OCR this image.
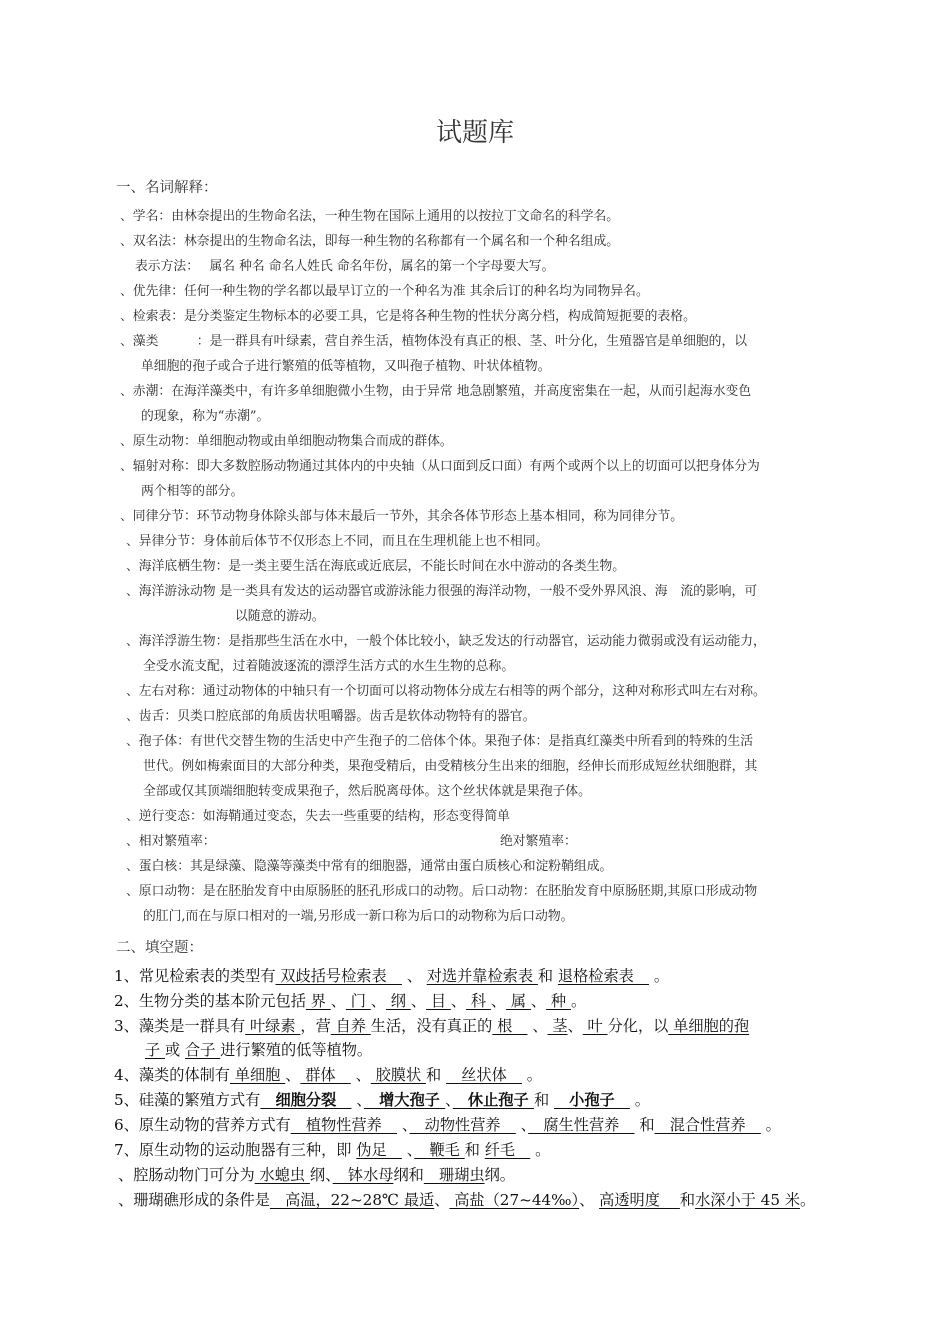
试题库
一、名词解释：
、学名：由林奈提出的生物命名法，一种生物在国际上通用的以按拉丁文命名的科学名。
、双名法：林奈提出的生物命名法，即每一种生物的名称都有一个属名和一个种名组成。
表示方法：　 属名 种名 命名人姓氏 命名年份，属名的第一个字母要大写。
、优先律：任何一种生物的学名都以最早订立的一个种名为准 其余后订的种名均为同物异名。
、检索表：是分类鉴定生物标本的必要工具，它是将各种生物的性状分离分档，构成简短扼要的表格。
、藻类　　　：是一群具有叶绿素，营自养生活，植物体没有真正的根、茎、叶分化，生殖器官是单细胞的，以
单细胞的孢子或合子进行繁殖的低等植物，又叫孢子植物、叶状体植物。
、赤潮：在海洋藻类中，有许多单细胞微小生物，由于异常 地急剧繁殖，并高度密集在一起，从而引起海水变色
的现象，称为“赤潮”。
、原生动物：单细胞动物或由单细胞动物集合而成的群体。
、辐射对称：即大多数腔肠动物通过其体内的中央轴（从口面到反口面）有两个或两个以上的切面可以把身体分为
两个相等的部分。
、同律分节：环节动物身体除头部与体末最后一节外，其余各体节形态上基本相同，称为同律分节。
、异律分节：身体前后体节不仅形态上不同，而且在生理机能上也不相同。
、海洋底栖生物：是一类主要生活在海底或近底层，不能长时间在水中游动的各类生物。
、海洋游泳动物 是一类具有发达的运动器官或游泳能力很强的海洋动物，一般不受外界风浪、海　流的影响，可
以随意的游动。
、海洋浮游生物：是指那些生活在水中，一般个体比较小，缺乏发达的行动器官，运动能力微弱或没有运动能力，
全受水流支配，过着随波逐流的漂浮生活方式的水生生物的总称。
、左右对称：通过动物体的中轴只有一个切面可以将动物体分成左右相等的两个部分，这种对称形式叫左右对称。
、齿舌：贝类口腔底部的角质齿状咀嚼器。齿舌是软体动物特有的器官。
、孢子体：有世代交替生物的生活史中产生孢子的二倍体个体。果孢子体：是指真红藻类中所看到的特殊的生活
世代。例如梅索面目的大部分种类，果孢受精后，由受精核分生出来的细胞，经伸长而形成短丝状细胞群，其
全部或仅其顶端细胞转变成果孢子，然后脱离母体。这个丝状体就是果孢子体。
、逆行变态：如海鞘通过变态，失去一些重要的结构，形态变得简单
、相对繁殖率：	绝对繁殖率：
、蛋白核：其是绿藻、隐藻等藻类中常有的细胞器，通常由蛋白质核心和淀粉鞘组成。
、原口动物：是在胚胎发育中由原肠胚的胚孔形成口的动物。后口动物：在胚胎发育中原肠胚期,其原口形成动物
的肛门,而在与原口相对的一端,另形成一新口称为后口的动物称为后口动物。
二、填空题：
1、常见检索表的类型有 双歧括号检索表　 、 对选并靠检索表 和 退格检索表　 。
2、生物分类的基本阶元包括 界 、 门 、 纲 、 目 、 科 、 属 、 种 。
3、藻类是一群具有 叶绿素 ，营 自养 生活，没有真正的 根　 、 茎、 叶 分化，以 单细胞的孢
子 或 合子 进行繁殖的低等植物。
4、藻类的体制有 单细胞 、 群体　 、 胶膜状 和 　丝状体　 。
5、硅藻的繁殖方式有　细胞分裂　 、　增大孢子 、　休止孢子 和 　小孢子　 。
6、原生动物的营养方式有　植物性营养　 、　动物性营养　 、　腐生性营养　 和　混合性营养　 。
7、原生动物的运动胞器有三种，即 伪足　 、　鞭毛 和 纤毛　 。
、腔肠动物门可分为 水螅虫 纲、　钵水母纲和　珊瑚虫纲。
、珊瑚礁形成的条件是　高温，22~28℃ 最适、 高盐（27~44‰）、 高透明度 　和水深小于 45 米。
